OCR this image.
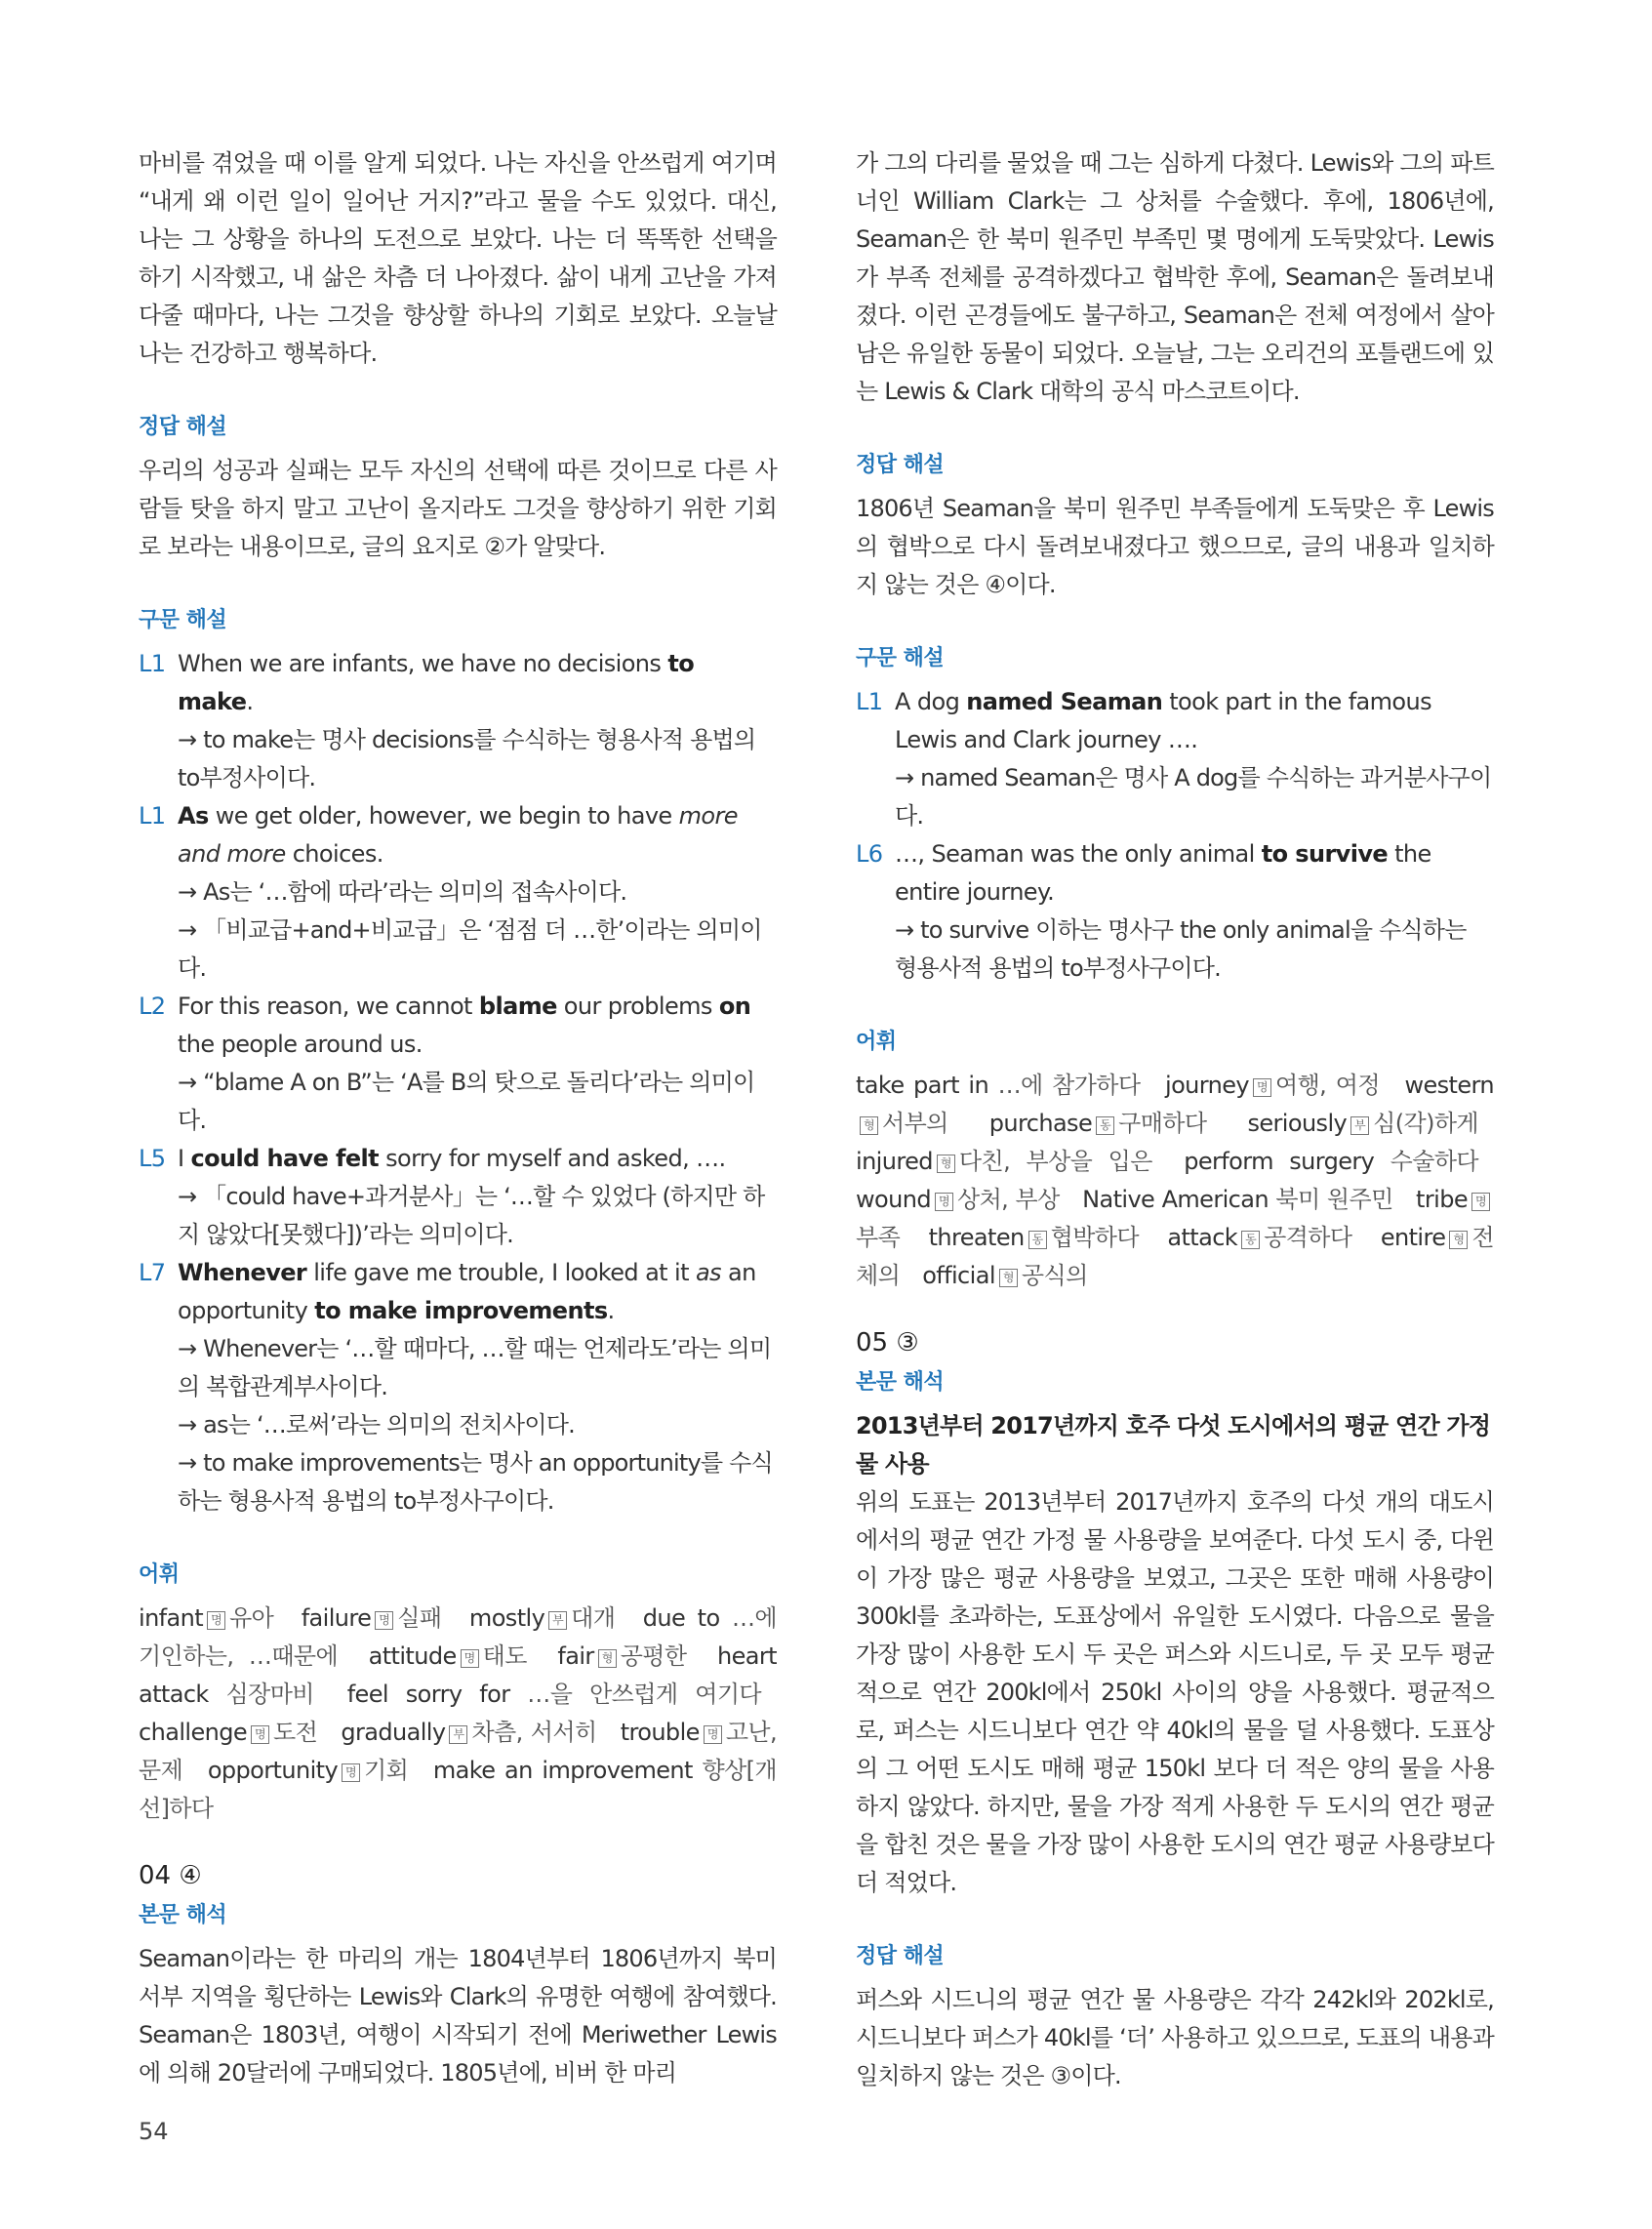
마비를 겪었을 때 이를 알게 되었다. 나는 자신을 안쓰럽게 여기며 “내게 왜 이런 일이 일어난 거지?”라고 물을 수도 있었다. 대신, 나는 그 상황을 하나의 도전으로 보았다. 나는 더 똑똑한 선택을 하기 시작했고, 내 삶은 차츰 더 나아졌다. 삶이 내게 고난을 가져다줄 때마다, 나는 그것을 향상할 하나의 기회로 보았다. 오늘날 나는 건강하고 행복하다.

정답 해설

우리의 성공과 실패는 모두 자신의 선택에 따른 것이므로 다른 사람들 탓을 하지 말고 고난이 올지라도 그것을 향상하기 위한 기회로 보라는 내용이므로, 글의 요지로 ②가 알맞다.

구문 해설
L1 When we are infants, we have no decisions to make.
→ to make는 명사 decisions를 수식하는 형용사적 용법의 to부정사이다.
L1 As we get older, however, we begin to have more and more choices.
→ As는 ‘…함에 따라’라는 의미의 접속사이다.
→ 「비교급+and+비교급」은 ‘점점 더 …한’이라는 의미이다.
L2 For this reason, we cannot blame our problems on the people around us.
→ “blame A on B”는 ‘A를 B의 탓으로 돌리다’라는 의미이다.
L5 I could have felt sorry for myself and asked, ….
→ 「could have+과거분사」는 ‘…할 수 있었다 (하지만 하지 않았다[못했다])’라는 의미이다.
L7 Whenever life gave me trouble, I looked at it as an opportunity to make improvements.
→ Whenever는 ‘…할 때마다, …할 때는 언제라도’라는 의미의 복합관계부사이다.
→ as는 ‘…로써’라는 의미의 전치사이다.
→ to make improvements는 명사 an opportunity를 수식하는 형용사적 용법의 to부정사구이다.
어휘

infant 명 유아 failure 명 실패 mostly 부 대개 due to …에 기인하는, …때문에 attitude 명 태도 fair 형 공평한 heart attack 심장마비 feel sorry for …을 안쓰럽게 여기다 challenge 명 도전 gradually 부 차츰, 서서히 trouble 명 고난, 문제 opportunity 명 기회 make an improvement 향상[개선]하다

04 ④
본문 해석

Seaman이라는 한 마리의 개는 1804년부터 1806년까지 북미 서부 지역을 횡단하는 Lewis와 Clark의 유명한 여행에 참여했다. Seaman은 1803년, 여행이 시작되기 전에 Meriwether Lewis에 의해 20달러에 구매되었다. 1805년에, 비버 한 마리

가 그의 다리를 물었을 때 그는 심하게 다쳤다. Lewis와 그의 파트너인 William Clark는 그 상처를 수술했다. 후에, 1806년에, Seaman은 한 북미 원주민 부족민 몇 명에게 도둑맞았다. Lewis가 부족 전체를 공격하겠다고 협박한 후에, Seaman은 돌려보내졌다. 이런 곤경들에도 불구하고, Seaman은 전체 여정에서 살아남은 유일한 동물이 되었다. 오늘날, 그는 오리건의 포틀랜드에 있는 Lewis & Clark 대학의 공식 마스코트이다.

정답 해설

1806년 Seaman을 북미 원주민 부족들에게 도둑맞은 후 Lewis의 협박으로 다시 돌려보내졌다고 했으므로, 글의 내용과 일치하지 않는 것은 ④이다.

구문 해설
L1 A dog named Seaman took part in the famous Lewis and Clark journey ….
→ named Seaman은 명사 A dog를 수식하는 과거분사구이다.
L6 …, Seaman was the only animal to survive the entire journey.
→ to survive 이하는 명사구 the only animal을 수식하는 형용사적 용법의 to부정사구이다.
어휘

take part in …에 참가하다 journey 명 여행, 여정 western형 서부의 purchase 동 구매하다 seriously 부 심(각)하게 injured 형 다친, 부상을 입은 perform surgery 수술하다 wound 명 상처, 부상 Native American 북미 원주민 tribe 명부족 threaten 동 협박하다 attack 동 공격하다 entire 형 전체의 official 형 공식의

05 ③
본문 해석

2013년부터 2017년까지 호주 다섯 도시에서의 평균 연간 가정 물 사용

위의 도표는 2013년부터 2017년까지 호주의 다섯 개의 대도시에서의 평균 연간 가정 물 사용량을 보여준다. 다섯 도시 중, 다윈이 가장 많은 평균 사용량을 보였고, 그곳은 또한 매해 사용량이 300kl를 초과하는, 도표상에서 유일한 도시였다. 다음으로 물을 가장 많이 사용한 도시 두 곳은 퍼스와 시드니로, 두 곳 모두 평균적으로 연간 200kl에서 250kl 사이의 양을 사용했다. 평균적으로, 퍼스는 시드니보다 연간 약 40kl의 물을 덜 사용했다. 도표상의 그 어떤 도시도 매해 평균 150kl 보다 더 적은 양의 물을 사용하지 않았다. 하지만, 물을 가장 적게 사용한 두 도시의 연간 평균을 합친 것은 물을 가장 많이 사용한 도시의 연간 평균 사용량보다 더 적었다.

정답 해설

퍼스와 시드니의 평균 연간 물 사용량은 각각 242kl와 202kl로, 시드니보다 퍼스가 40kl를 ‘더’ 사용하고 있으므로, 도표의 내용과 일치하지 않는 것은 ③이다.

54
